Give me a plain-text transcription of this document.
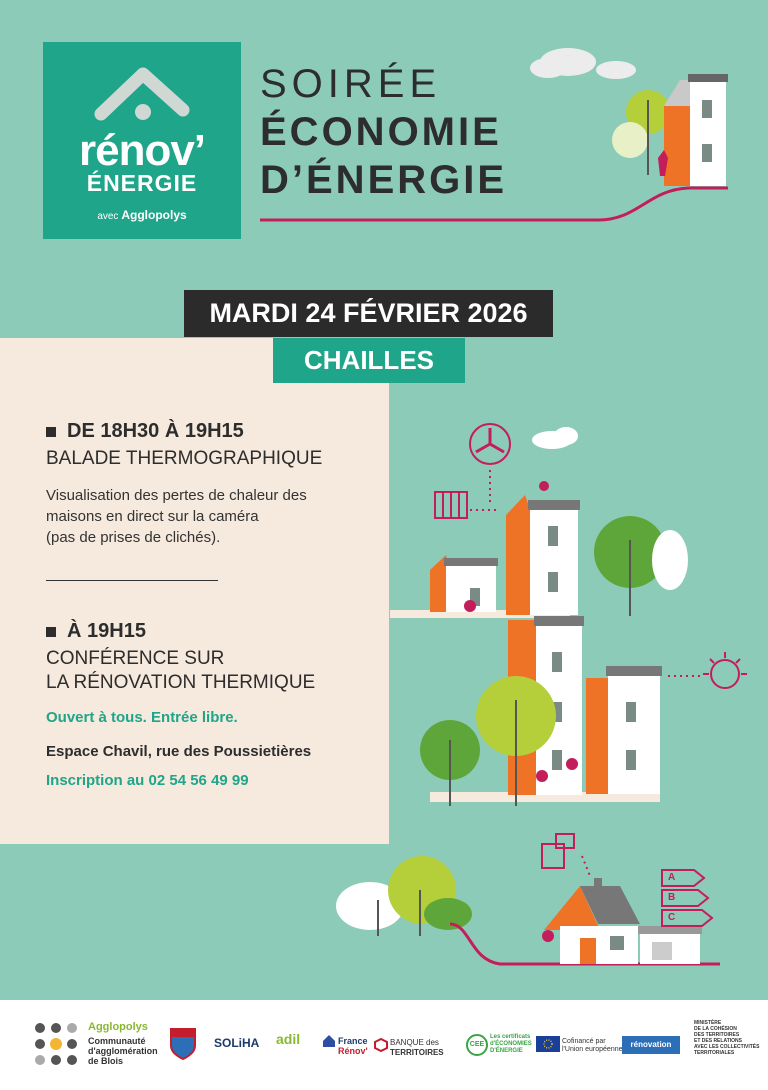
rénov’
ÉNERGIE
avec Agglopolys
SOIRÉE
ÉCONOMIE
D’ÉNERGIE
MARDI 24 FÉVRIER 2026
CHAILLES
DE 18H30 À 19H15
BALADE THERMOGRAPHIQUE
Visualisation des pertes de chaleur des
maisons en direct sur la caméra
(pas de prises de clichés).
À 19H15
CONFÉRENCE SUR
LA RÉNOVATION THERMIQUE
Ouvert à tous. Entrée libre.
Espace Chavil, rue des Poussietières
Inscription au 02 54 56 49 99
A
B
C
Agglopolys
Communauté
d'agglomération
de Blois
SOLiHA adil	France
Rénov'
BANQUE des
TERRITOIRES
CEE
Les certificats
d'ÉCONOMIES
D'ÉNERGIE
Cofinancé par
l'Union européenne
rénovation
MINISTÈRE
DE LA COHÉSION
DES TERRITOIRES
ET DES RELATIONS
AVEC LES COLLECTIVITÉS
TERRITORIALES
